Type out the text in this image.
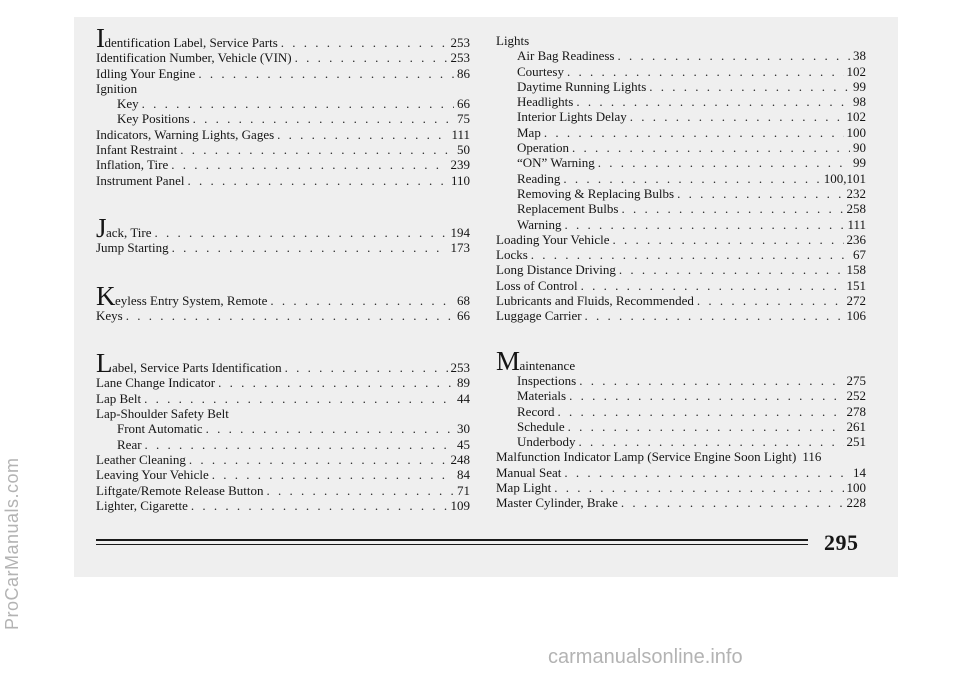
Identification Label, Service Parts . . .	253
Identification Number, Vehicle (VIN) . . .	253
Idling Your Engine . . .	86
Ignition
Key . . .	66
Key Positions . . .	75
Indicators, Warning Lights, Gages . . .	111
Infant Restraint . . .	50
Inflation, Tire . . .	239
Instrument Panel . . .	110
Jack, Tire . . .	194
Jump Starting . . .	173
Keyless Entry System, Remote . . .	68
Keys . . .	66
Label, Service Parts Identification . . .	253
Lane Change Indicator . . .	89
Lap Belt . . .	44
Lap-Shoulder Safety Belt
Front Automatic . . .	30
Rear . . .	45
Leather Cleaning . . .	248
Leaving Your Vehicle . . .	84
Liftgate/Remote Release Button . . .	71
Lighter, Cigarette . . .	109
Lights
Air Bag Readiness . . .	38
Courtesy . . .	102
Daytime Running Lights . . .	99
Headlights . . .	98
Interior Lights Delay . . .	102
Map . . .	100
Operation . . .	90
“ON” Warning . . .	99
Reading . . .	100,101
Removing & Replacing Bulbs . . .	232
Replacement Bulbs . . .	258
Warning . . .	111
Loading Your Vehicle . . .	236
Locks . . .	67
Long Distance Driving . . .	158
Loss of Control . . .	151
Lubricants and Fluids, Recommended . . .	272
Luggage Carrier . . .	106
Maintenance
Inspections . . .	275
Materials . . .	252
Record . . .	278
Schedule . . .	261
Underbody . . .	251
Malfunction Indicator Lamp (Service Engine Soon Light) 116
Manual Seat . . .	14
Map Light . . .	100
Master Cylinder, Brake . . .	228
295
ProCarManuals.com
carmanualsonline.info
